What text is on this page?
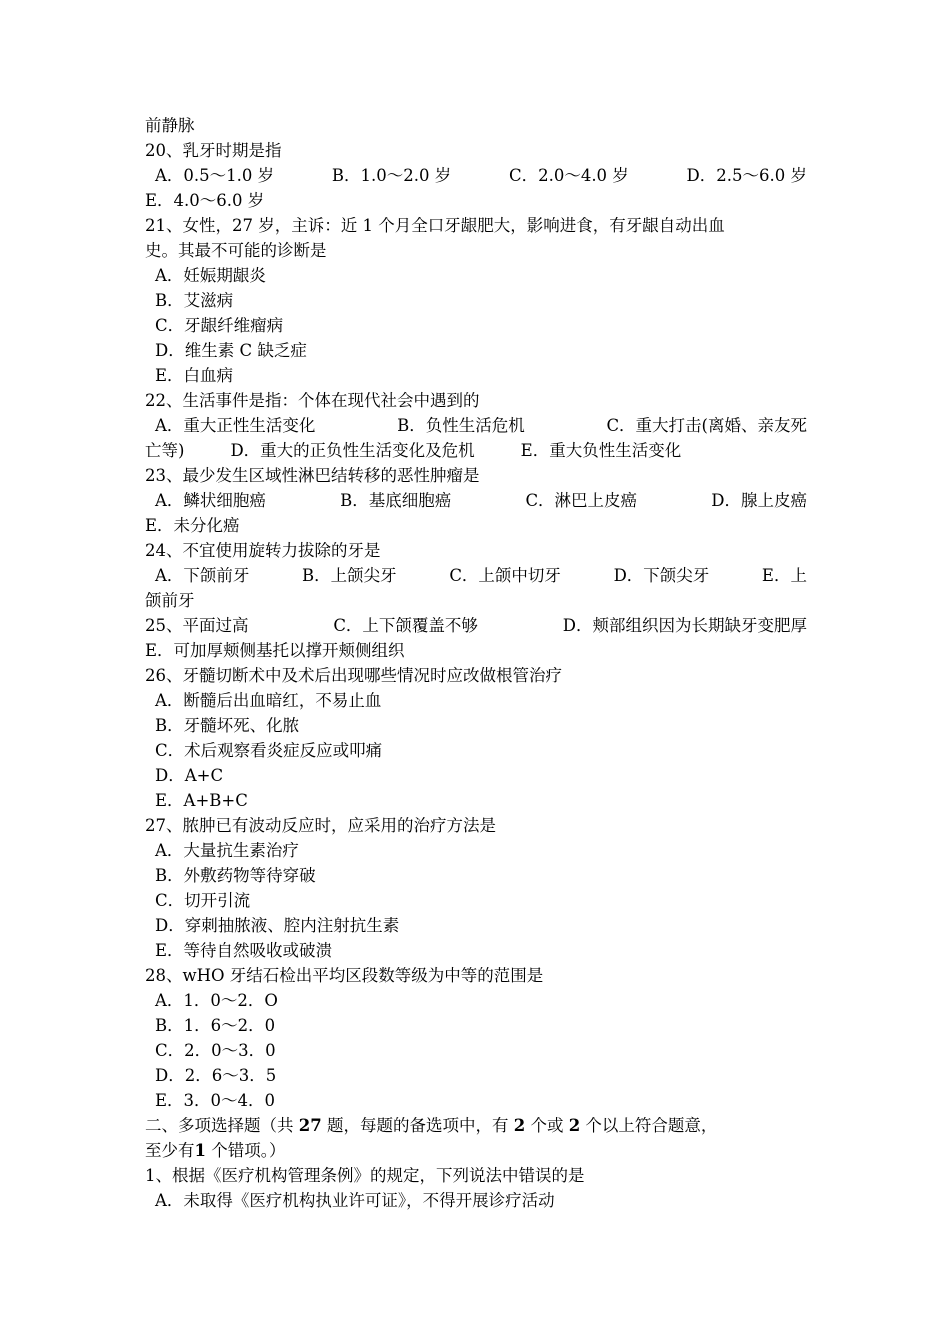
前静脉
20、乳牙时期是指
A．0.5～1.0 岁	B．1.0～2.0 岁	C．2.0～4.0 岁	D．2.5～6.0 岁
E．4.0～6.0 岁
21、女性，27 岁，主诉：近 1 个月全口牙龈肥大，影响进食，有牙龈自动出血
史。其最不可能的诊断是
A．妊娠期龈炎
B．艾滋病
C．牙龈纤维瘤病
D．维生素 C 缺乏症
E．白血病
22、生活事件是指：个体在现代社会中遇到的
A．重大正性生活变化	B．负性生活危机	C．重大打击(离婚、亲友死
亡等)	D．重大的正负性生活变化及危机	E．重大负性生活变化
23、最少发生区域性淋巴结转移的恶性肿瘤是
A．鳞状细胞癌	B．基底细胞癌	C．淋巴上皮癌	D．腺上皮癌
E．未分化癌
24、不宜使用旋转力拔除的牙是
A．下颌前牙	B．上颌尖牙	C．上颌中切牙	D．下颌尖牙	E．上
颌前牙
25、平面过高	C．上下颌覆盖不够	D．颊部组织因为长期缺牙变肥厚
E．可加厚颊侧基托以撑开颊侧组织
26、牙髓切断术中及术后出现哪些情况时应改做根管治疗
A．断髓后出血暗红，不易止血
B．牙髓坏死、化脓
C．术后观察看炎症反应或叩痛
D．A+C
E．A+B+C
27、脓肿已有波动反应时，应采用的治疗方法是
A．大量抗生素治疗
B．外敷药物等待穿破
C．切开引流
D．穿刺抽脓液、腔内注射抗生素
E．等待自然吸收或破溃
28、wHO 牙结石检出平均区段数等级为中等的范围是
A．1．0～2．O
B．1．6～2．0
C．2．0～3．0
D．2．6～3．5
E．3．0～4．0
二、多项选择题（共 27 题，每题的备选项中，有 2 个或 2 个以上符合题意，
至少有1 个错项。）
1、根据《医疗机构管理条例》的规定，下列说法中错误的是
A．未取得《医疗机构执业许可证》，不得开展诊疗活动
